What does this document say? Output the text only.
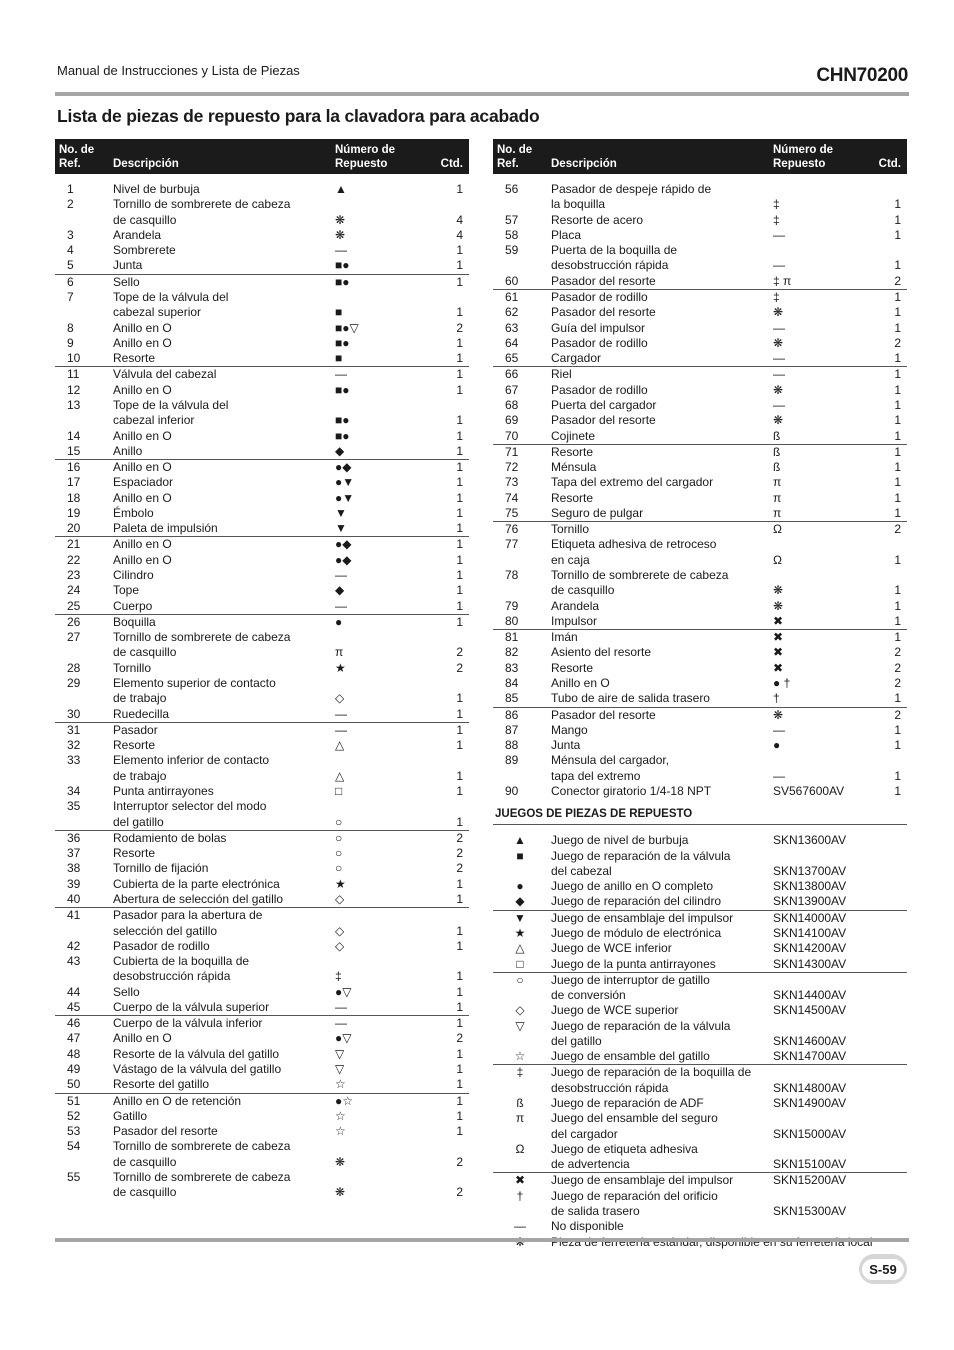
Manual de Instrucciones y Lista de Piezas	CHN70200
Lista de piezas de repuesto para la clavadora para acabado
No. de
Ref.	Descripción	Número de
Repuesto	Ctd.
1	Nivel de burbuja	▲	1
2	Tornillo de sombrerete de cabeza		
	de casquillo	❋	4
3	Arandela	❋	4
4	Sombrerete	—	1
5	Junta	■●	1
6	Sello	■●	1
7	Tope de la válvula del		
	cabezal superior	■	1
8	Anillo en O	■●▽	2
9	Anillo en O	■●	1
10	Resorte	■	1
11	Válvula del cabezal	—	1
12	Anillo en O	■●	1
13	Tope de la válvula del		
	cabezal inferior	■●	1
14	Anillo en O	■●	1
15	Anillo	◆	1
16	Anillo en O	●◆	1
17	Espaciador	●▼	1
18	Anillo en O	●▼	1
19	Émbolo	▼	1
20	Paleta de impulsión	▼	1
21	Anillo en O	●◆	1
22	Anillo en O	●◆	1
23	Cilindro	—	1
24	Tope	◆	1
25	Cuerpo	—	1
26	Boquilla	●	1
27	Tornillo de sombrerete de cabeza		
	de casquillo	π	2
28	Tornillo	★	2
29	Elemento superior de contacto		
	de trabajo	◇	1
30	Ruedecilla	—	1
31	Pasador	—	1
32	Resorte	△	1
33	Elemento inferior de contacto		
	de trabajo	△	1
34	Punta antirrayones	□	1
35	Interruptor selector del modo		
	del gatillo	○	1
36	Rodamiento de bolas	○	2
37	Resorte	○	2
38	Tornillo de fijación	○	2
39	Cubierta de la parte electrónica	★	1
40	Abertura de selección del gatillo	◇	1
41	Pasador para la abertura de		
	selección del gatillo	◇	1
42	Pasador de rodillo	◇	1
43	Cubierta de la boquilla de		
	desobstrucción rápida	‡	1
44	Sello	●▽	1
45	Cuerpo de la válvula superior	—	1
46	Cuerpo de la válvula inferior	—	1
47	Anillo en O	●▽	2
48	Resorte de la válvula del gatillo	▽	1
49	Vástago de la válvula del gatillo	▽	1
50	Resorte del gatillo	☆	1
51	Anillo en O de retención	●☆	1
52	Gatillo	☆	1
53	Pasador del resorte	☆	1
54	Tornillo de sombrerete de cabeza		
	de casquillo	❋	2
55	Tornillo de sombrerete de cabeza		
	de casquillo	❋	2
No. de
Ref.	Descripción	Número de
Repuesto	Ctd.
56	Pasador de despeje rápido de		
	la boquilla	‡	1
57	Resorte de acero	‡	1
58	Placa	—	1
59	Puerta de la boquilla de		
	desobstrucción rápida	—	1
60	Pasador del resorte	‡ π	2
61	Pasador de rodillo	‡	1
62	Pasador del resorte	❋	1
63	Guía del impulsor	—	1
64	Pasador de rodillo	❋	2
65	Cargador	—	1
66	Riel	—	1
67	Pasador de rodillo	❋	1
68	Puerta del cargador	—	1
69	Pasador del resorte	❋	1
70	Cojinete	ß	1
71	Resorte	ß	1
72	Ménsula	ß	1
73	Tapa del extremo del cargador	π	1
74	Resorte	π	1
75	Seguro de pulgar	π	1
76	Tornillo	Ω	2
77	Etiqueta adhesiva de retroceso		
	en caja	Ω	1
78	Tornillo de sombrerete de cabeza		
	de casquillo	❋	1
79	Arandela	❋	1
80	Impulsor	✖	1
81	Imán	✖	1
82	Asiento del resorte	✖	2
83	Resorte	✖	2
84	Anillo en O	● †	2
85	Tubo de aire de salida trasero	†	1
86	Pasador del resorte	❋	2
87	Mango	—	1
88	Junta	●	1
89	Ménsula del cargador,		
	tapa del extremo	—	1
90	Conector giratorio 1/4-18 NPT	SV567600AV	1
JUEGOS DE PIEZAS DE REPUESTO
▲	Juego de nivel de burbuja	SKN13600AV
■	Juego de reparación de la válvula	
	del cabezal	SKN13700AV
●	Juego de anillo en O completo	SKN13800AV
◆	Juego de reparación del cilindro	SKN13900AV
▼	Juego de ensamblaje del impulsor	SKN14000AV
★	Juego de módulo de electrónica	SKN14100AV
△	Juego de WCE inferior	SKN14200AV
□	Juego de la punta antirrayones	SKN14300AV
○	Juego de interruptor de gatillo	
	de conversión	SKN14400AV
◇	Juego de WCE superior	SKN14500AV
▽	Juego de reparación de la válvula	
	del gatillo	SKN14600AV
☆	Juego de ensamble del gatillo	SKN14700AV
‡	Juego de reparación de la boquilla de	
	desobstrucción rápida	SKN14800AV
ß	Juego de reparación de ADF	SKN14900AV
π	Juego del ensamble del seguro	
	del cargador	SKN15000AV
Ω	Juego de etiqueta adhesiva	
	de advertencia	SKN15100AV
✖	Juego de ensamblaje del impulsor	SKN15200AV
†	Juego de reparación del orificio	
	de salida trasero	SKN15300AV
—	No disponible	

S-59
